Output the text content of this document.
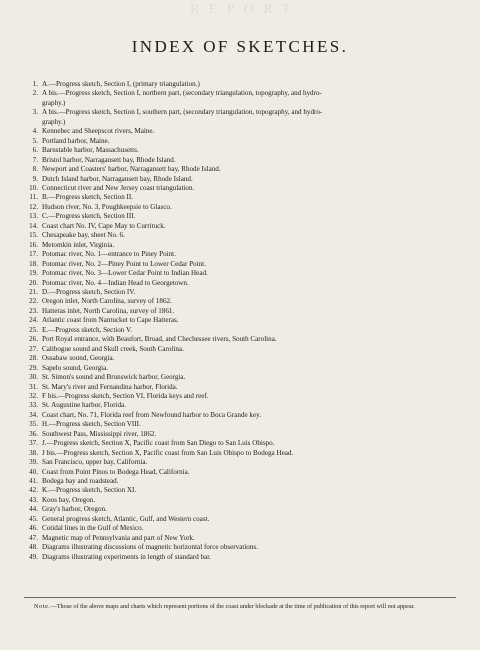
R E P O R T
INDEX OF SKETCHES.
1. A.—Progress sketch, Section I, (primary triangulation.)
2. A bis.—Progress sketch, Section I, northern part, (secondary triangulation, topography, and hydro-
graphy.)
3. A bis.—Progress sketch, Section I, southern part, (secondary triangulation, topography, and hydro-
graphy.)
4. Kennebec and Sheepscot rivers, Maine.
5. Portland harbor, Maine.
6. Barnstable harbor, Massachusetts.
7. Bristol harbor, Narragansett bay, Rhode Island.
8. Newport and Coasters' harbor, Narragansett bay, Rhode Island.
9. Dutch Island harbor, Narragansett bay, Rhode Island.
10. Connecticut river and New Jersey coast triangulation.
11. B.—Progress sketch, Section II.
12. Hudson river, No. 3, Poughkeepsie to Glasco.
13. C.—Progress sketch, Section III.
14. Coast chart No. IV, Cape May to Currituck.
15. Chesapeake bay, sheet No. 6.
16. Metomkin inlet, Virginia.
17. Potomac river, No. 1—entrance to Piney Point.
18. Potomac river, No. 2—Piney Point to Lower Cedar Point.
19. Potomac river, No. 3—Lower Cedar Point to Indian Head.
20. Potomac river, No. 4—Indian Head to Georgetown.
21. D.—Progress sketch, Section IV.
22. Oregon inlet, North Carolina, survey of 1862.
23. Hatteras inlet, North Carolina, survey of 1861.
24. Atlantic coast from Nantucket to Cape Hatteras.
25. E.—Progress sketch, Section V.
26. Port Royal entrance, with Beaufort, Broad, and Chechessee rivers, South Carolina.
27. Calibogue sound and Skull creek, South Carolina.
28. Ossabaw sound, Georgia.
29. Sapelo sound, Georgia.
30. St. Simon's sound and Brunswick harbor, Georgia.
31. St. Mary's river and Fernandina harbor, Florida.
32. F bis.—Progress sketch, Section VI, Florida keys and reef.
33. St. Augustine harbor, Florida.
34. Coast chart, No. 71, Florida reef from Newfound harbor to Boca Grande key.
35. H.—Progress sketch, Section VIII.
36. Southwest Pass, Mississippi river, 1862.
37. J.—Progress sketch, Section X, Pacific coast from San Diego to San Luis Obispo.
38. J bis.—Progress sketch, Section X, Pacific coast from San Luis Obispo to Bodega Head.
39. San Francisco, upper bay, California.
40. Coast from Point Pinos to Bodega Head, California.
41. Bodega bay and roadstead.
42. K.—Progress sketch, Section XI.
43. Koos bay, Oregon.
44. Gray's harbor, Oregon.
45. General progress sketch, Atlantic, Gulf, and Western coast.
46. Cotidal lines in the Gulf of Mexico.
47. Magnetic map of Pennsylvania and part of New York.
48. Diagrams illustrating discussions of magnetic horizontal force observations.
49. Diagrams illustrating experiments in length of standard bar.

Note.—Those of the above maps and charts which represent portions of the coast under blockade at the time of publication of this report will not appear.
